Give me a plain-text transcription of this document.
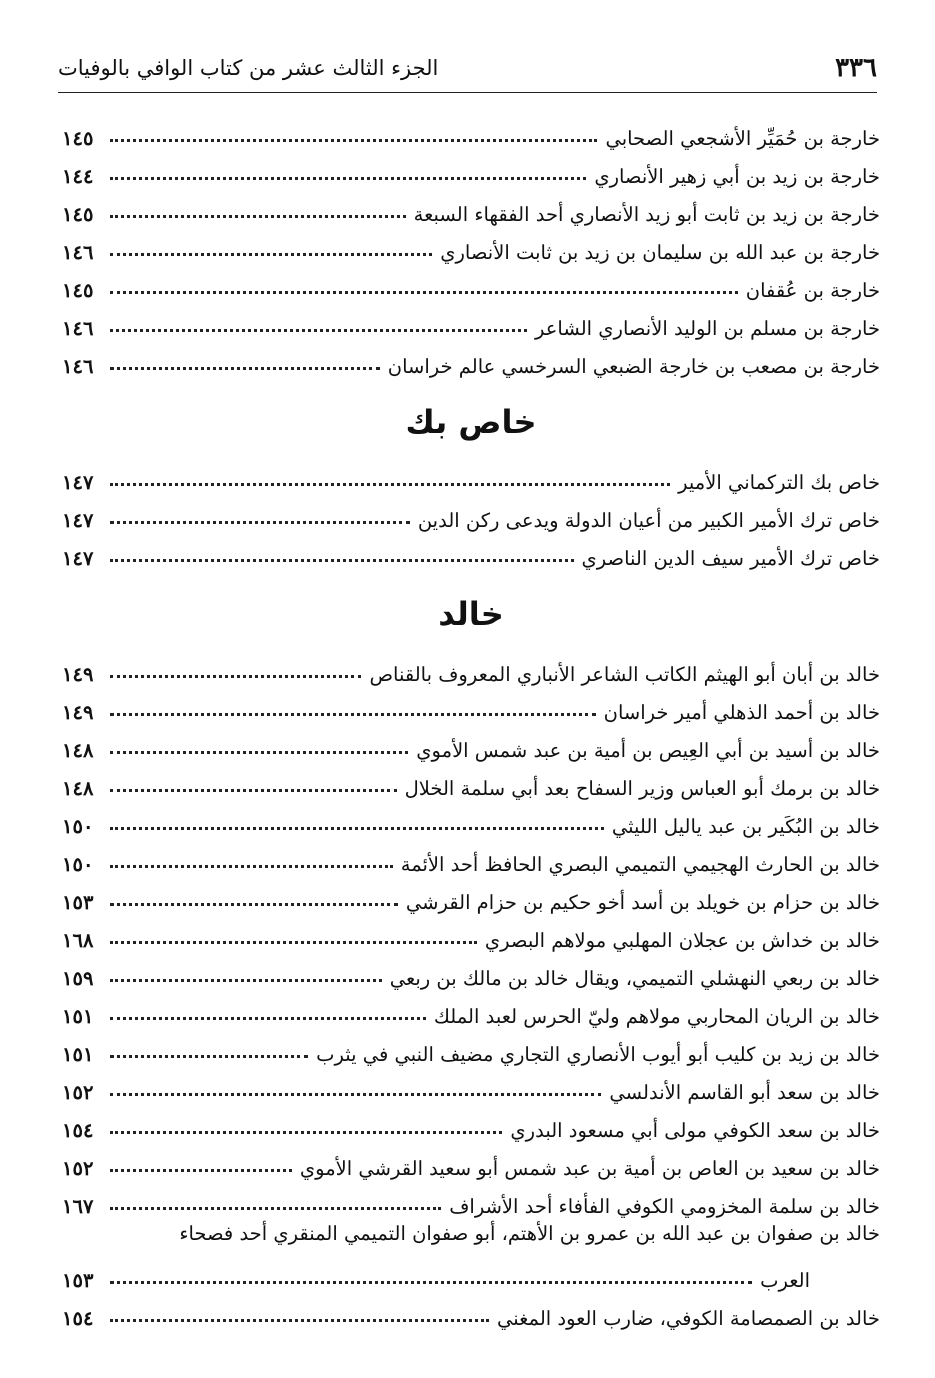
٣٣٦
الجزء الثالث عشر من كتاب الوافي بالوفيات
خارجة بن حُمَيِّر الأشجعي الصحابي
١٤٥
خارجة بن زيد بن أبي زهير الأنصاري
١٤٤
خارجة بن زيد بن ثابت أبو زيد الأنصاري أحد الفقهاء السبعة
١٤٥
خارجة بن عبد الله بن سليمان بن زيد بن ثابت الأنصاري
١٤٦
خارجة بن عُقفان
١٤٥
خارجة بن مسلم بن الوليد الأنصاري الشاعر
١٤٦
خارجة بن مصعب بن خارجة الضبعي السرخسي عالم خراسان
١٤٦
خاص بك
خاص بك التركماني الأمير
١٤٧
خاص ترك الأمير الكبير من أعيان الدولة ويدعى ركن الدين
١٤٧
خاص ترك الأمير سيف الدين الناصري
١٤٧
خالد
خالد بن أبان أبو الهيثم الكاتب الشاعر الأنباري المعروف بالقناص
١٤٩
خالد بن أحمد الذهلي أمير خراسان
١٤٩
خالد بن أسيد بن أبي العِيص بن أمية بن عبد شمس الأموي
١٤٨
خالد بن برمك أبو العباس وزير السفاح بعد أبي سلمة الخلال
١٤٨
خالد بن البُكَير بن عبد ياليل الليثي
١٥٠
خالد بن الحارث الهجيمي التميمي البصري الحافظ أحد الأئمة
١٥٠
خالد بن حزام بن خويلد بن أسد أخو حكيم بن حزام القرشي
١٥٣
خالد بن خداش بن عجلان المهلبي مولاهم البصري
١٦٨
خالد بن ربعي النهشلي التميمي، ويقال خالد بن مالك بن ربعي
١٥٩
خالد بن الريان المحاربي مولاهم وليّ الحرس لعبد الملك
١٥١
خالد بن زيد بن كليب أبو أيوب الأنصاري التجاري مضيف النبي في يثرب
١٥١
خالد بن سعد أبو القاسم الأندلسي
١٥٢
خالد بن سعد الكوفي مولى أبي مسعود البدري
١٥٤
خالد بن سعيد بن العاص بن أمية بن عبد شمس أبو سعيد القرشي الأموي
١٥٢
خالد بن سلمة المخزومي الكوفي الفأفاء أحد الأشراف
١٦٧
خالد بن صفوان بن عبد الله بن عمرو بن الأهتم، أبو صفوان التميمي المنقري أحد فصحاء
العرب
١٥٣
خالد بن الصمصامة الكوفي، ضارب العود المغني
١٥٤
